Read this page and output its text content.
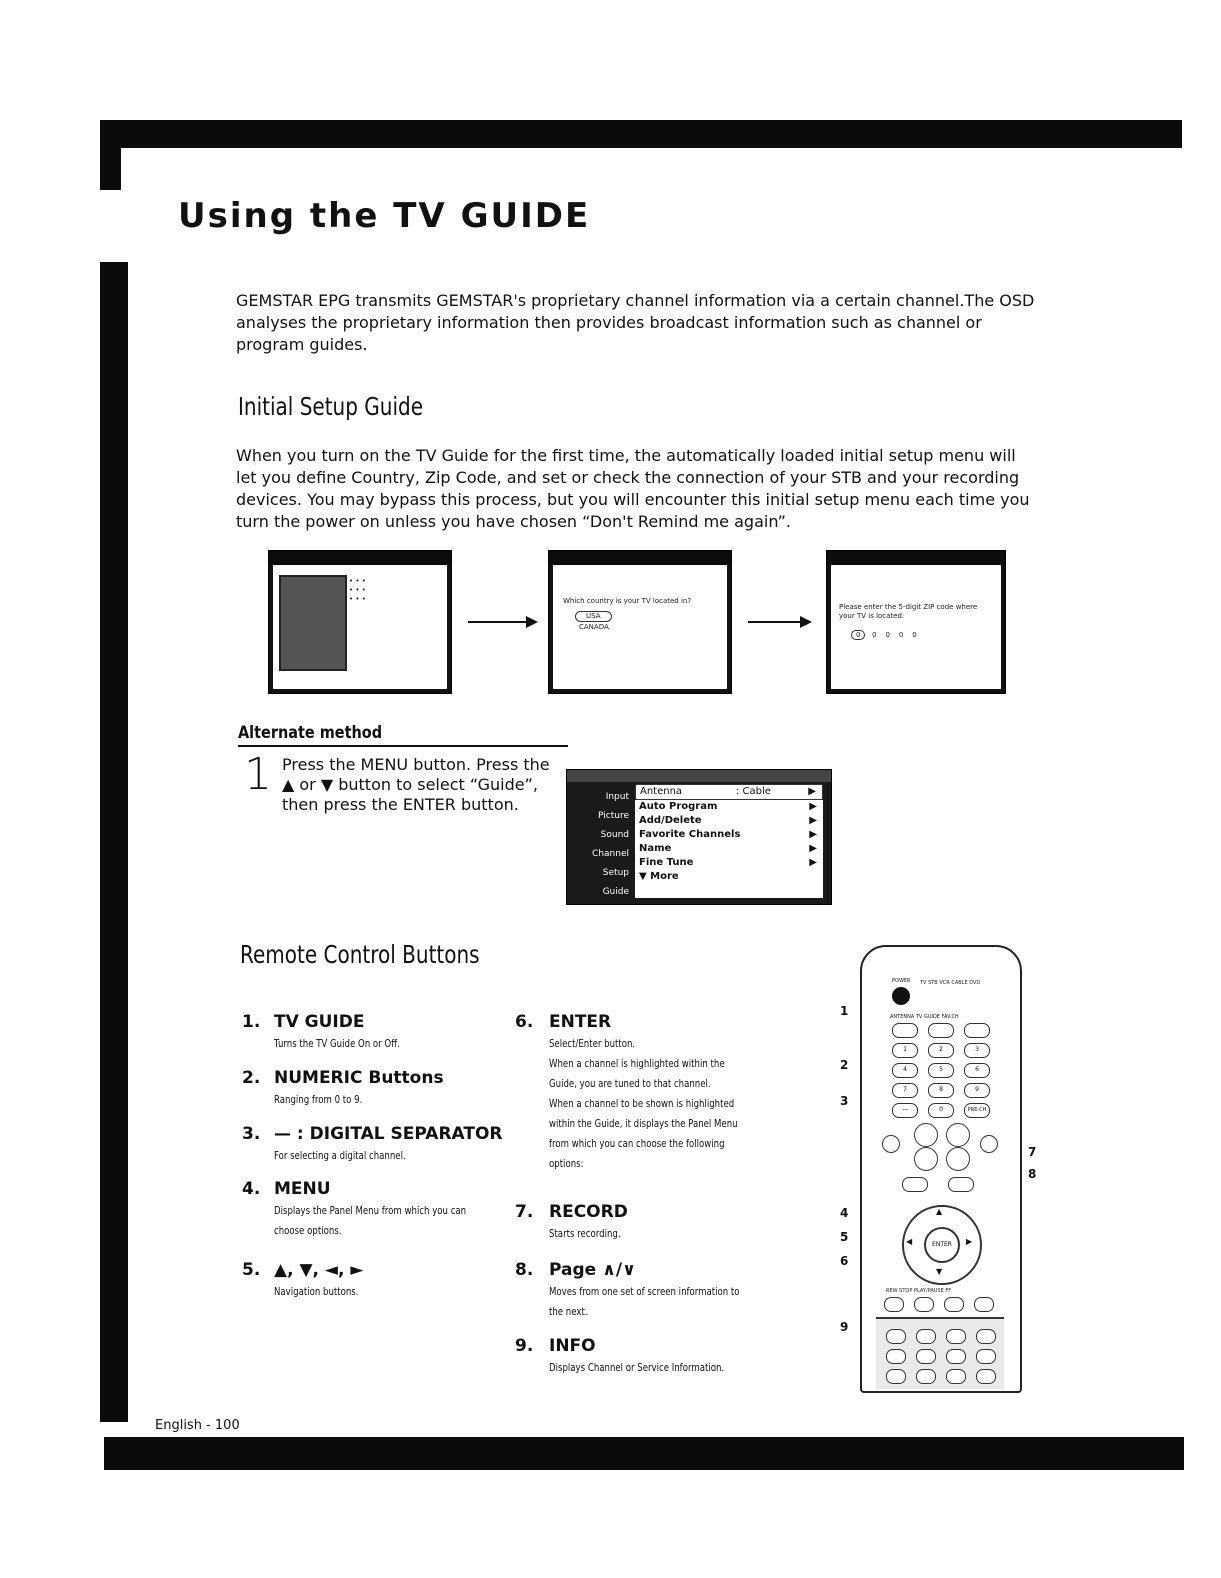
Using the TV GUIDE
GEMSTAR EPG transmits GEMSTAR's proprietary channel information via a certain channel.The OSD analyses the proprietary information then provides broadcast information such as channel or program guides.
Initial Setup Guide
When you turn on the TV Guide for the first time, the automatically loaded initial setup menu will let you define Country, Zip Code, and set or check the connection of your STB and your recording devices. You may bypass this process, but you will encounter this initial setup menu each time you turn the power on unless you have chosen “Don't Remind me again”.
• • •
• • •
• • •	Which country is your TV located in?
USA
CANADA
Please enter the 5-digit ZIP code where your TV is located:
0 0 0 0 0
Alternate method
1 Press the MENU button. Press the ▲ or ▼ button to select “Guide”, then press the ENTER button.	Input
Picture
Sound
Channel
Setup
Guide
Antenna	: Cable	▶
Auto Program	▶
Add/Delete	▶
Favorite Channels	▶
Name	▶
Fine Tune	▶
▼ More
Remote Control Buttons
1. TV GUIDE
Turns the TV Guide On or Off.
2. NUMERIC Buttons
Ranging from 0 to 9.
3. — : DIGITAL SEPARATOR
For selecting a digital channel.
4. MENU
Displays the Panel Menu from which you can
choose options.
5. ▲, ▼, ◄, ►
Navigation buttons.
6. ENTER
Select/Enter button.
When a channel is highlighted within the
Guide, you are tuned to that channel.
When a channel to be shown is highlighted
within the Guide, it displays the Panel Menu
from which you can choose the following
options:
7. RECORD
Starts recording.
8. Page ∧/∨
Moves from one set of screen information to
the next.
9. INFO
Displays Channel or Service Information.
POWER TV STB VCR CABLE DVD
ANTENNA TV GUIDE FAV.CH
1	2	3
4	5	6
7	8	9
—	0	PRE-CH
ENTER
▲
▼
◀	▶
REW STOP PLAY/PAUSE FF
1
2
3
4
5
6
7
8
9
English - 100
